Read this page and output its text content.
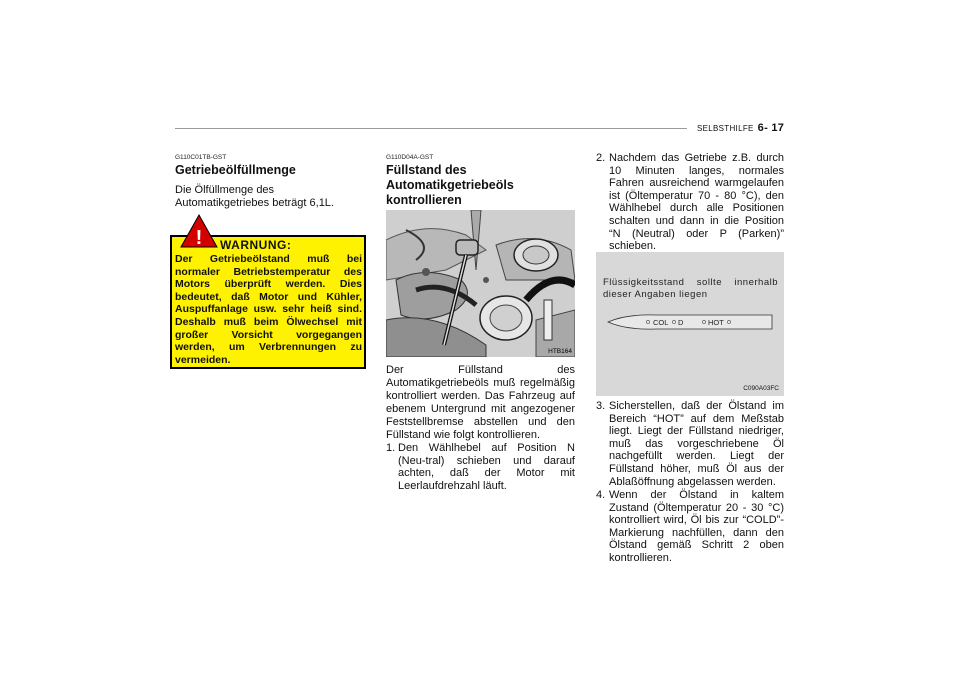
SELBSTHILFE 6- 17
G110C01TB-GST
Getriebeölfüllmenge
Die Ölfüllmenge des
Automatikgetriebes beträgt 6,1L.
! WARNUNG:
Der Getriebeölstand muß bei normaler Betriebstemperatur des Motors überprüft werden. Dies bedeutet, daß Motor und Kühler, Auspuffanlage usw. sehr heiß sind. Deshalb muß beim Ölwechsel mit großer Vorsicht vorgegangen werden, um Verbrennungen zu vermeiden.
G110D04A-GST
Füllstand des
Automatikgetriebeöls
kontrollieren
HTB164
Der Füllstand des Automatikgetriebeöls muß regelmäßig kontrolliert werden. Das Fahrzeug auf ebenem Untergrund mit angezogener Feststellbremse abstellen und den Füllstand wie folgt kontrollieren.
1. Den Wählhebel auf Position N (Neu-tral) schieben und darauf achten, daß der Motor mit Leerlaufdrehzahl läuft.
2. Nachdem das Getriebe z.B. durch 10 Minuten langes, normales Fahren ausreichend warmgelaufen ist (Öltemperatur 70 - 80 °C), den Wählhebel durch alle Positionen schalten und dann in die Position “N (Neutral) oder P (Parken)” schieben.
Flüssigkeitsstand sollte innerhalb
dieser Angaben liegen
COL D	HOT
C090A03FC
3. Sicherstellen, daß der Ölstand im Bereich “HOT” auf dem Meßstab liegt. Liegt der Füllstand niedriger, muß das vorgeschriebene Öl nachgefüllt werden. Liegt der Füllstand höher, muß Öl aus der Ablaßöffnung abgelassen werden.
4. Wenn der Ölstand in kaltem Zustand (Öltemperatur 20 - 30 °C) kontrolliert wird, Öl bis zur “COLD”-Markierung nachfüllen, dann den Ölstand gemäß Schritt 2 oben kontrollieren.
